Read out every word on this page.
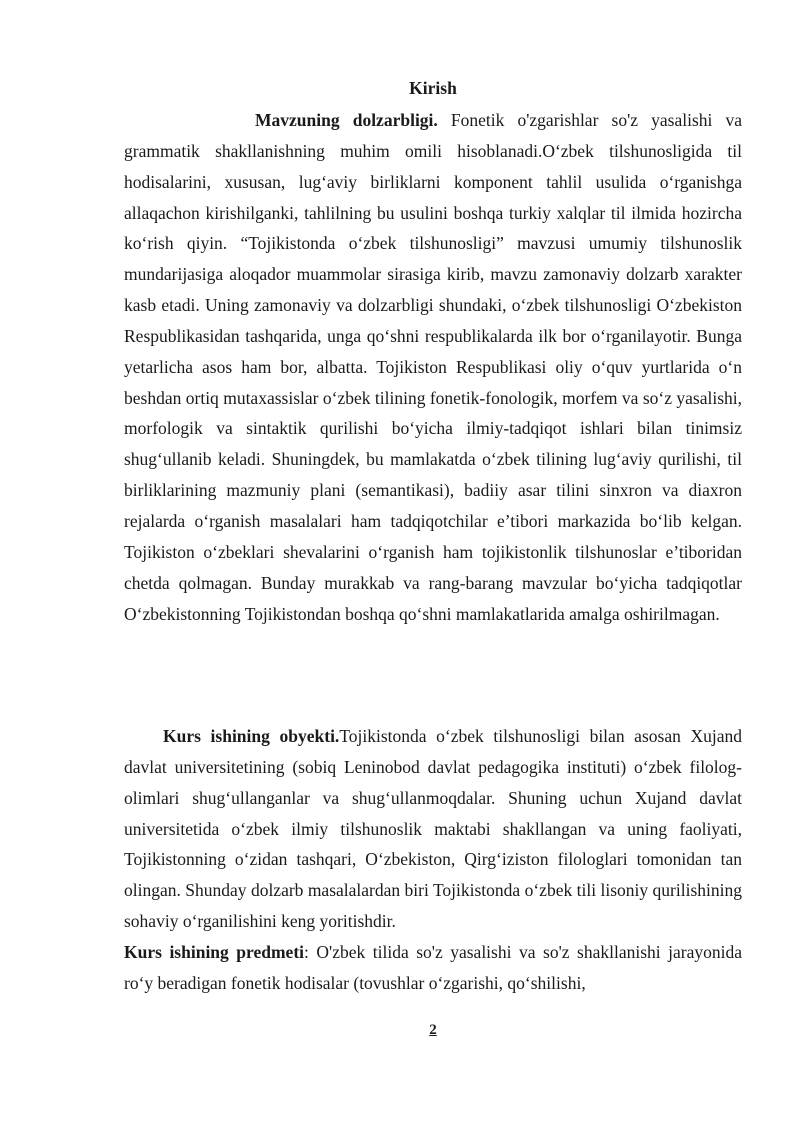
Kirish

Mavzuning dolzarbligi. Fonetik o'zgarishlar so'z yasalishi va grammatik shakllanishning muhim omili hisoblanadi.O‘zbek tilshunosligida til hodisalarini, xususan, lug‘aviy birliklarni komponent tahlil usulida o‘rganishga allaqachon kirishilganki, tahlilning bu usulini boshqa turkiy xalqlar til ilmida hozircha ko‘rish qiyin. “Tojikistonda o‘zbek tilshunosligi” mavzusi umumiy tilshunoslik mundarijasiga aloqador muammolar sirasiga kirib, mavzu zamonaviy dolzarb xarakter kasb etadi. Uning zamonaviy va dolzarbligi shundaki, o‘zbek tilshunosligi O‘zbekiston Respublikasidan tashqarida, unga qo‘shni respublikalarda ilk bor o‘rganilayotir. Bunga yetarlicha asos ham bor, albatta. Tojikiston Respublikasi oliy o‘quv yurtlarida o‘n beshdan ortiq mutaxassislar o‘zbek tilining fonetik-fonologik, morfem va so‘z yasalishi, morfologik va sintaktik qurilishi bo‘yicha ilmiy-tadqiqot ishlari bilan tinimsiz shug‘ullanib keladi. Shuningdek, bu mamlakatda o‘zbek tilining lug‘aviy qurilishi, til birliklarining mazmuniy plani (semantikasi), badiiy asar tilini sinxron va diaxron rejalarda o‘rganish masalalari ham tadqiqotchilar e’tibori markazida bo‘lib kelgan. Tojikiston o‘zbeklari shevalarini o‘rganish ham tojikistonlik tilshunoslar e’tiboridan chetda qolmagan. Bunday murakkab va rang-barang mavzular bo‘yicha tadqiqotlar O‘zbekistonning Tojikistondan boshqa qo‘shni mamlakatlarida amalga oshirilmagan.

Kurs ishining obyekti.Tojikistonda o‘zbek tilshunosligi bilan asosan Xujand davlat universitetining (sobiq Leninobod davlat pedagogika instituti) o‘zbek filolog-olimlari shug‘ullanganlar va shug‘ullanmoqdalar. Shuning uchun Xujand davlat universitetida o‘zbek ilmiy tilshunoslik maktabi shakllangan va uning faoliyati, Tojikistonning o‘zidan tashqari, O‘zbekiston, Qirg‘iziston filologlari tomonidan tan olingan. Shunday dolzarb masalalardan biri Tojikistonda o‘zbek tili lisoniy qurilishining sohaviy o‘rganilishini keng yoritishdir.

Kurs ishining predmeti: O'zbek tilida so'z yasalishi va so'z shakllanishi jarayonida ro‘y beradigan fonetik hodisalar (tovushlar o‘zgarishi, qo‘shilishi,

2
